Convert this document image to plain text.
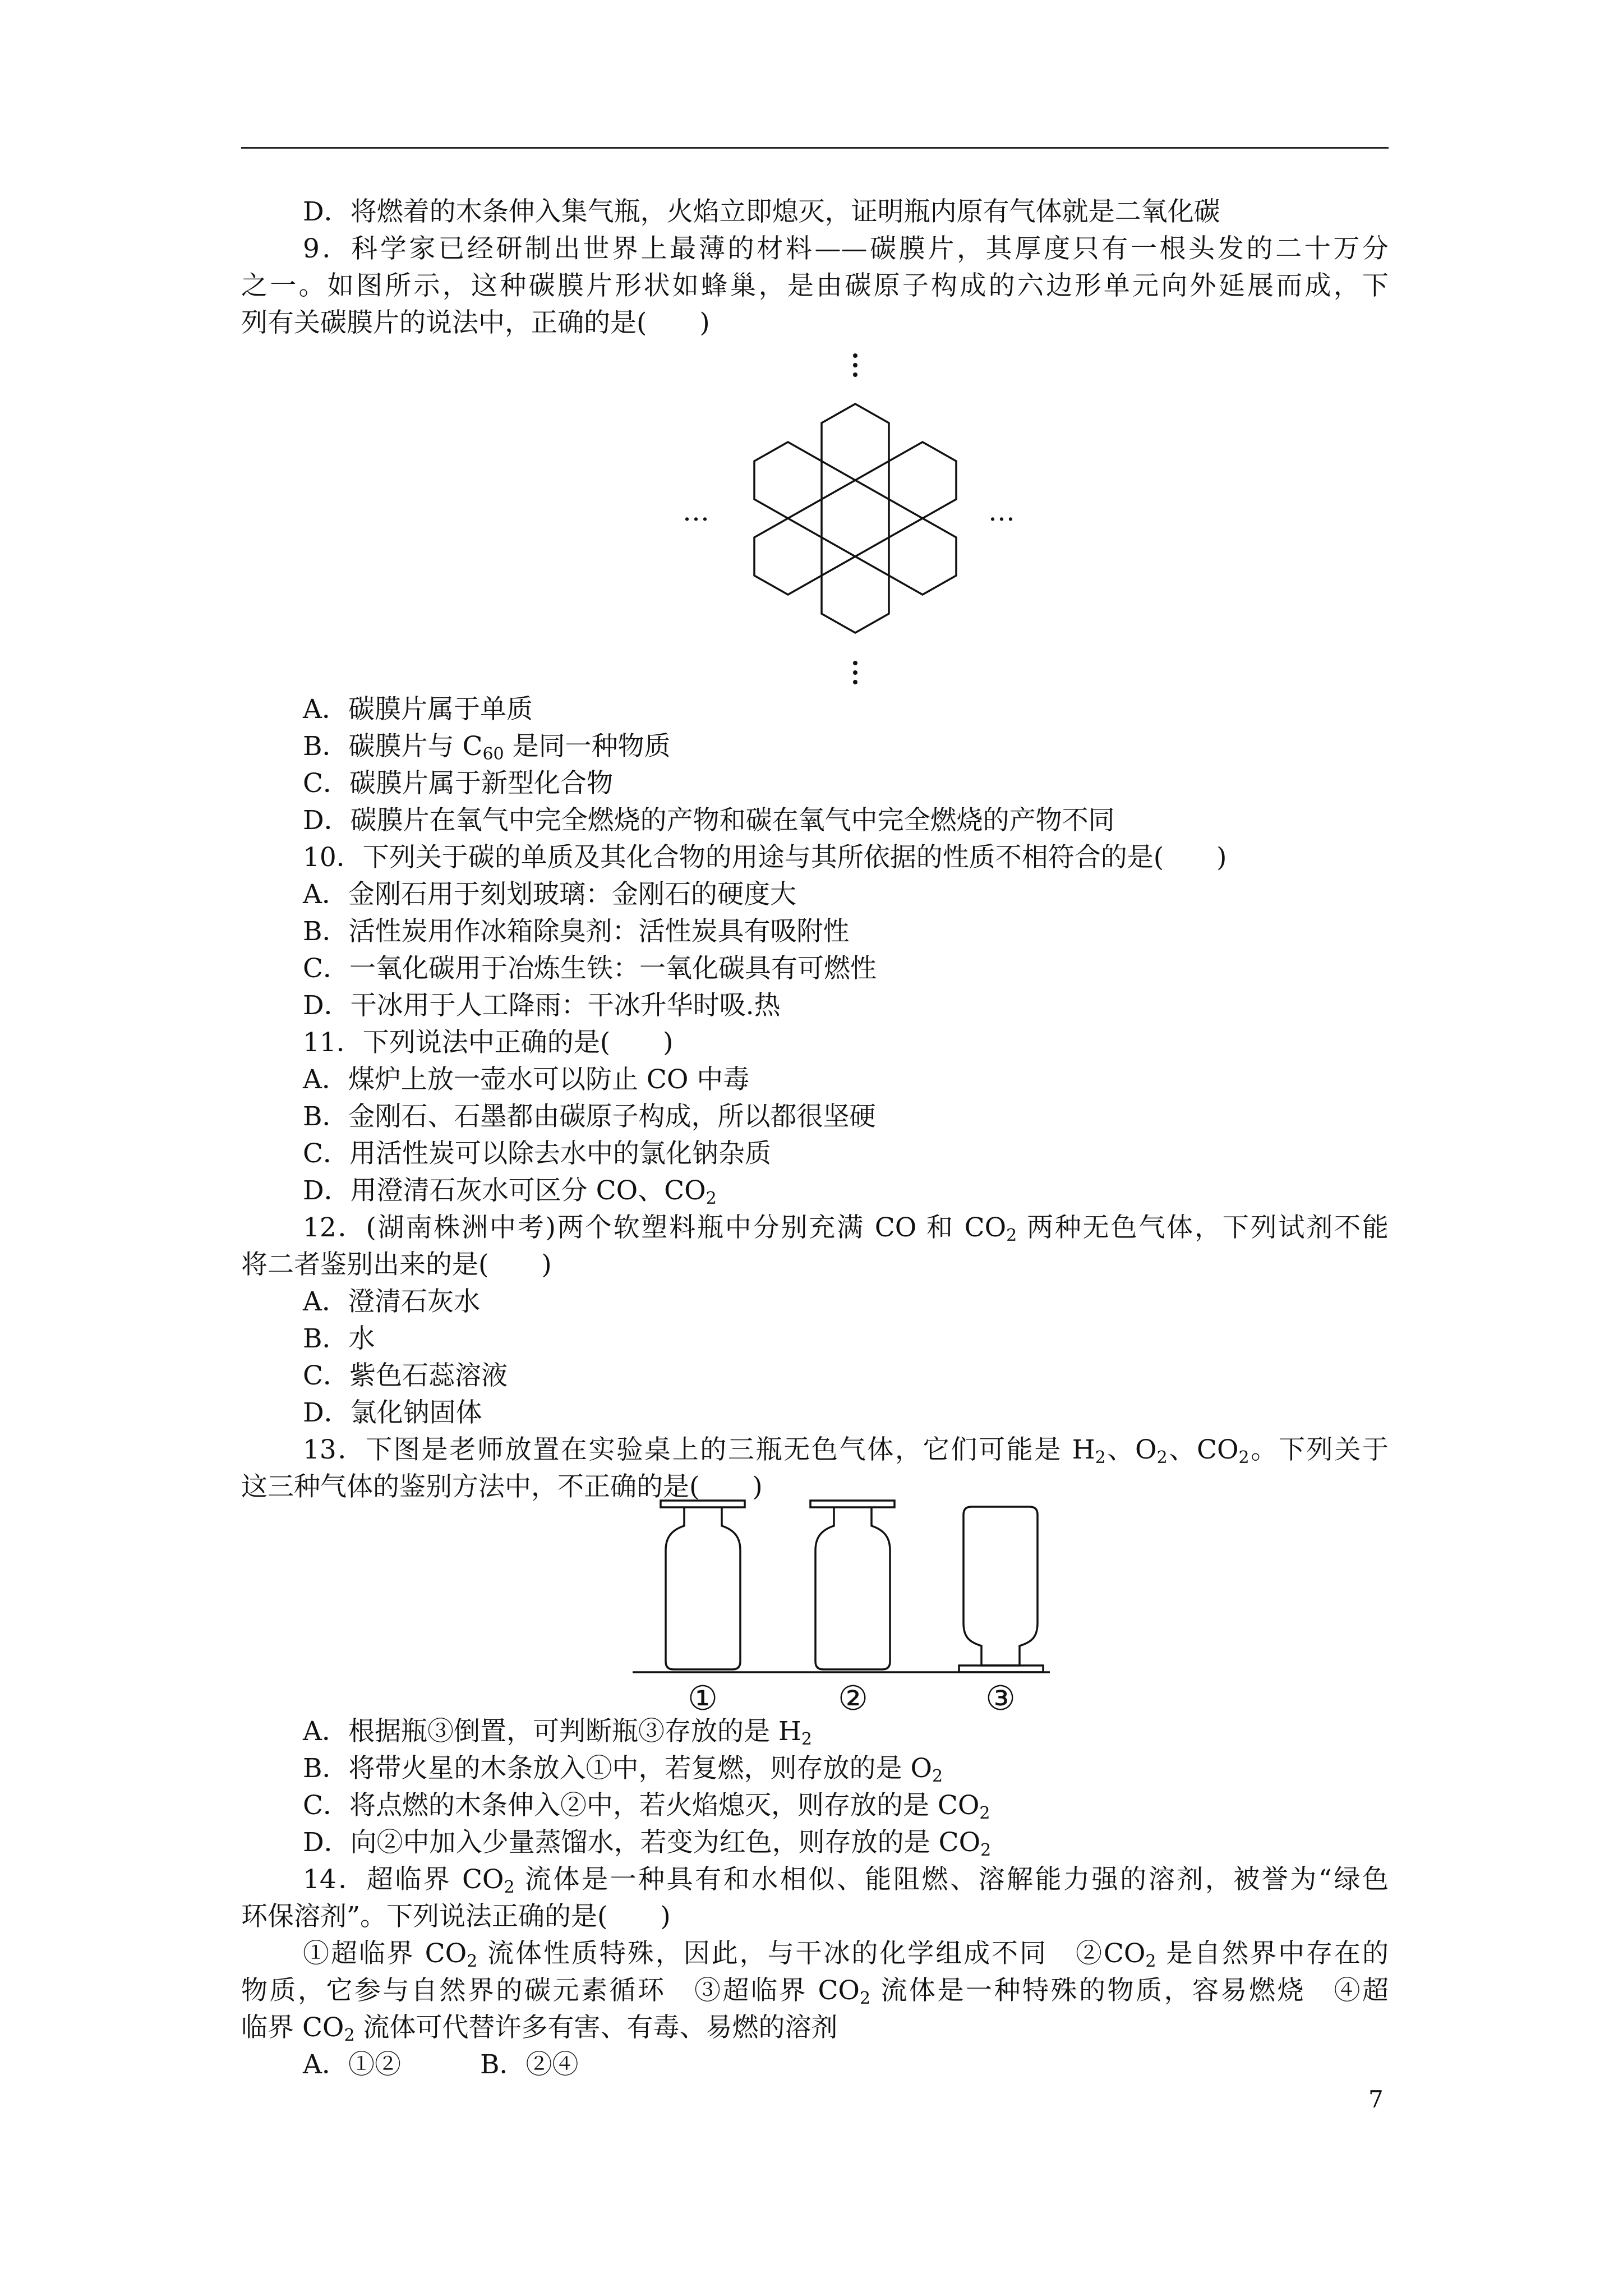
D．将燃着的木条伸入集气瓶，火焰立即熄灭，证明瓶内原有气体就是二氧化碳
9．科学家已经研制出世界上最薄的材料——碳膜片，其厚度只有一根头发的二十万分
之一。如图所示，这种碳膜片形状如蜂巢，是由碳原子构成的六边形单元向外延展而成，下
列有关碳膜片的说法中，正确的是(　　)
…	…
A．碳膜片属于单质
B．碳膜片与 $C_{60}$ 是同一种物质
C．碳膜片属于新型化合物
D．碳膜片在氧气中完全燃烧的产物和碳在氧气中完全燃烧的产物不同
10．下列关于碳的单质及其化合物的用途与其所依据的性质不相符合的是(　　)
A．金刚石用于刻划玻璃：金刚石的硬度大
B．活性炭用作冰箱除臭剂：活性炭具有吸附性
C．一氧化碳用于冶炼生铁：一氧化碳具有可燃性
D．干冰用于人工降雨：干冰升华时吸.热
11．下列说法中正确的是(　　)
A．煤炉上放一壶水可以防止 CO 中毒
B．金刚石、石墨都由碳原子构成，所以都很坚硬
C．用活性炭可以除去水中的氯化钠杂质
D．用澄清石灰水可区分 CO、$CO_2$
12．(湖南株洲中考)两个软塑料瓶中分别充满 CO 和 $CO_2$ 两种无色气体，下列试剂不能
将二者鉴别出来的是(　　)
A．澄清石灰水
B．水
C．紫色石蕊溶液
D．氯化钠固体
13．下图是老师放置在实验桌上的三瓶无色气体，它们可能是 $H_2$、$O_2$、$CO_2$。下列关于
这三种气体的鉴别方法中，不正确的是(　　)
①	②	③
A．根据瓶③倒置，可判断瓶③存放的是 $H_2$
B．将带火星的木条放入①中，若复燃，则存放的是 $O_2$
C．将点燃的木条伸入②中，若火焰熄灭，则存放的是 $CO_2$
D．向②中加入少量蒸馏水，若变为红色，则存放的是 $CO_2$
14．超临界 $CO_2$ 流体是一种具有和水相似、能阻燃、溶解能力强的溶剂，被誉为“绿色
环保溶剂”。下列说法正确的是(　　)
①超临界 $CO_2$ 流体性质特殊，因此，与干冰的化学组成不同　$②CO_2$ 是自然界中存在的
物质，它参与自然界的碳元素循环　③超临界 $CO_2$ 流体是一种特殊的物质，容易燃烧　④超
临界 $CO_2$ 流体可代替许多有害、有毒、易燃的溶剂
A．①②　　　B．②④
7
